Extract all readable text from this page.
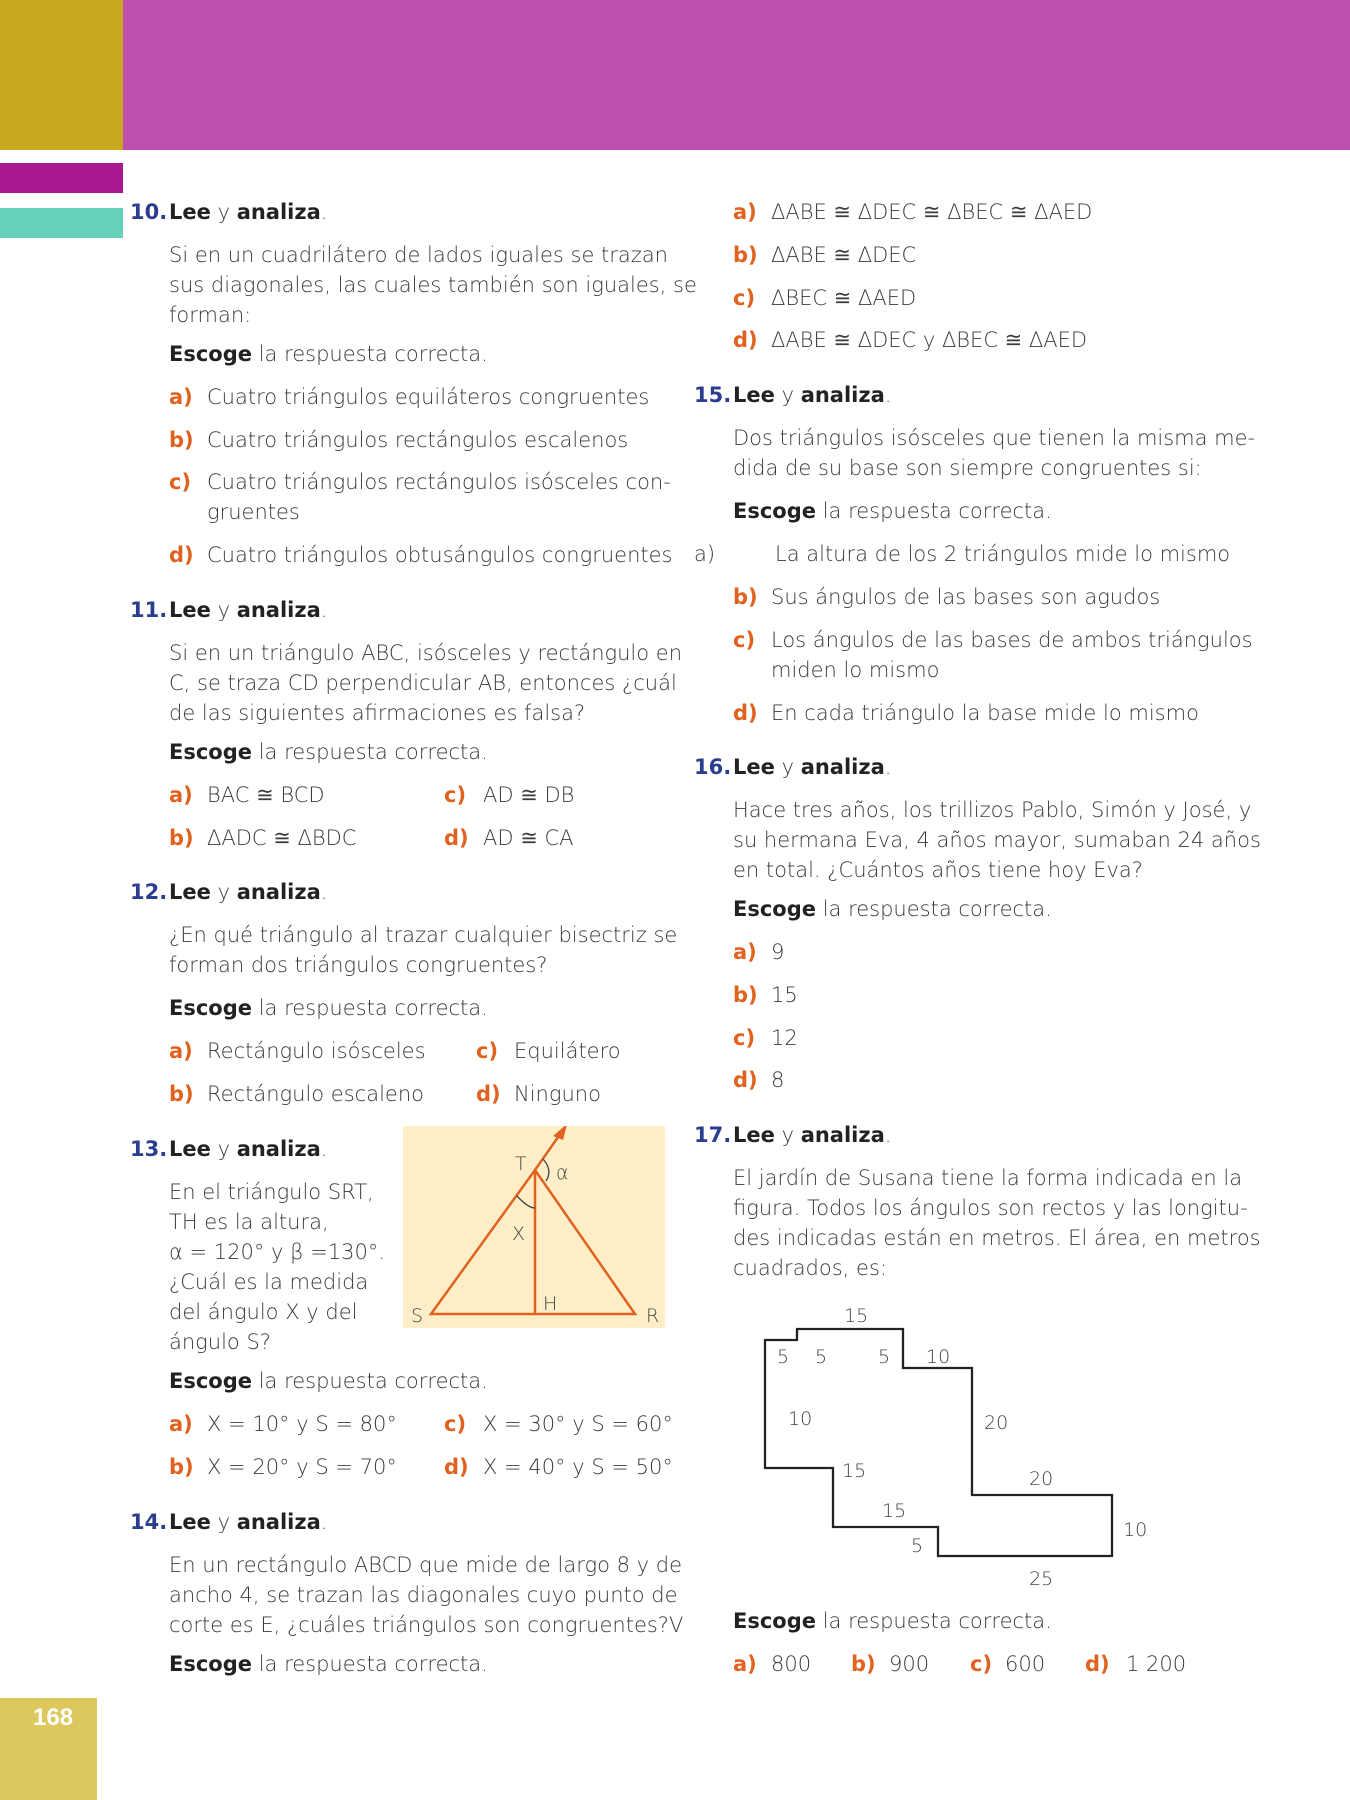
168
10. Lee y analiza.
Si en un cuadrilátero de lados iguales se trazan
sus diagonales, las cuales también son iguales, se
forman:
Escoge la respuesta correcta.
a) Cuatro triángulos equiláteros congruentes
b) Cuatro triángulos rectángulos escalenos
c) Cuatro triángulos rectángulos isósceles con-
gruentes
d) Cuatro triángulos obtusángulos congruentes
11. Lee y analiza.
Si en un triángulo ABC, isósceles y rectángulo en
C, se traza CD perpendicular AB, entonces ¿cuál
de las siguientes afirmaciones es falsa?
Escoge la respuesta correcta.
a) BAC ≅ BCD	c) AD ≅ DB
b) ΔADC ≅ ΔBDC	d) AD ≅ CA
12. Lee y analiza.
¿En qué triángulo al trazar cualquier bisectriz se
forman dos triángulos congruentes?
Escoge la respuesta correcta.
a) Rectángulo isósceles c) Equilátero
b) Rectángulo escaleno d) Ninguno
13. Lee y analiza.
En el triángulo SRT,
TH es la altura,
α = 120° y β =130°.
¿Cuál es la medida
del ángulo X y del
ángulo S?
T α
X
H
S	R
Escoge la respuesta correcta.
a) X = 10° y S = 80° c) X = 30° y S = 60°
b) X = 20° y S = 70° d) X = 40° y S = 50°
14. Lee y analiza.
En un rectángulo ABCD que mide de largo 8 y de
ancho 4, se trazan las diagonales cuyo punto de
corte es E, ¿cuáles triángulos son congruentes?V
Escoge la respuesta correcta.
a) ΔABE ≅ ΔDEC ≅ ΔBEC ≅ ΔAED
b) ΔABE ≅ ΔDEC
c) ΔBEC ≅ ΔAED
d) ΔABE ≅ ΔDEC y ΔBEC ≅ ΔAED
15. Lee y analiza.
Dos triángulos isósceles que tienen la misma me-
dida de su base son siempre congruentes si:
Escoge la respuesta correcta.
a)	La altura de los 2 triángulos mide lo mismo
b) Sus ángulos de las bases son agudos
c) Los ángulos de las bases de ambos triángulos
miden lo mismo
d) En cada triángulo la base mide lo mismo
16. Lee y analiza.
Hace tres años, los trillizos Pablo, Simón y José, y
su hermana Eva, 4 años mayor, sumaban 24 años
en total. ¿Cuántos años tiene hoy Eva?
Escoge la respuesta correcta.
a) 9
b) 15
c) 12
d) 8
17. Lee y analiza.
El jardín de Susana tiene la forma indicada en la
figura. Todos los ángulos son rectos y las longitu-
des indicadas están en metros. El área, en metros
cuadrados, es:
15
5 5	5 10
10	20
15	20
15
10
5
25
Escoge la respuesta correcta.
a) 800 b) 900 c) 600 d) 1 200
